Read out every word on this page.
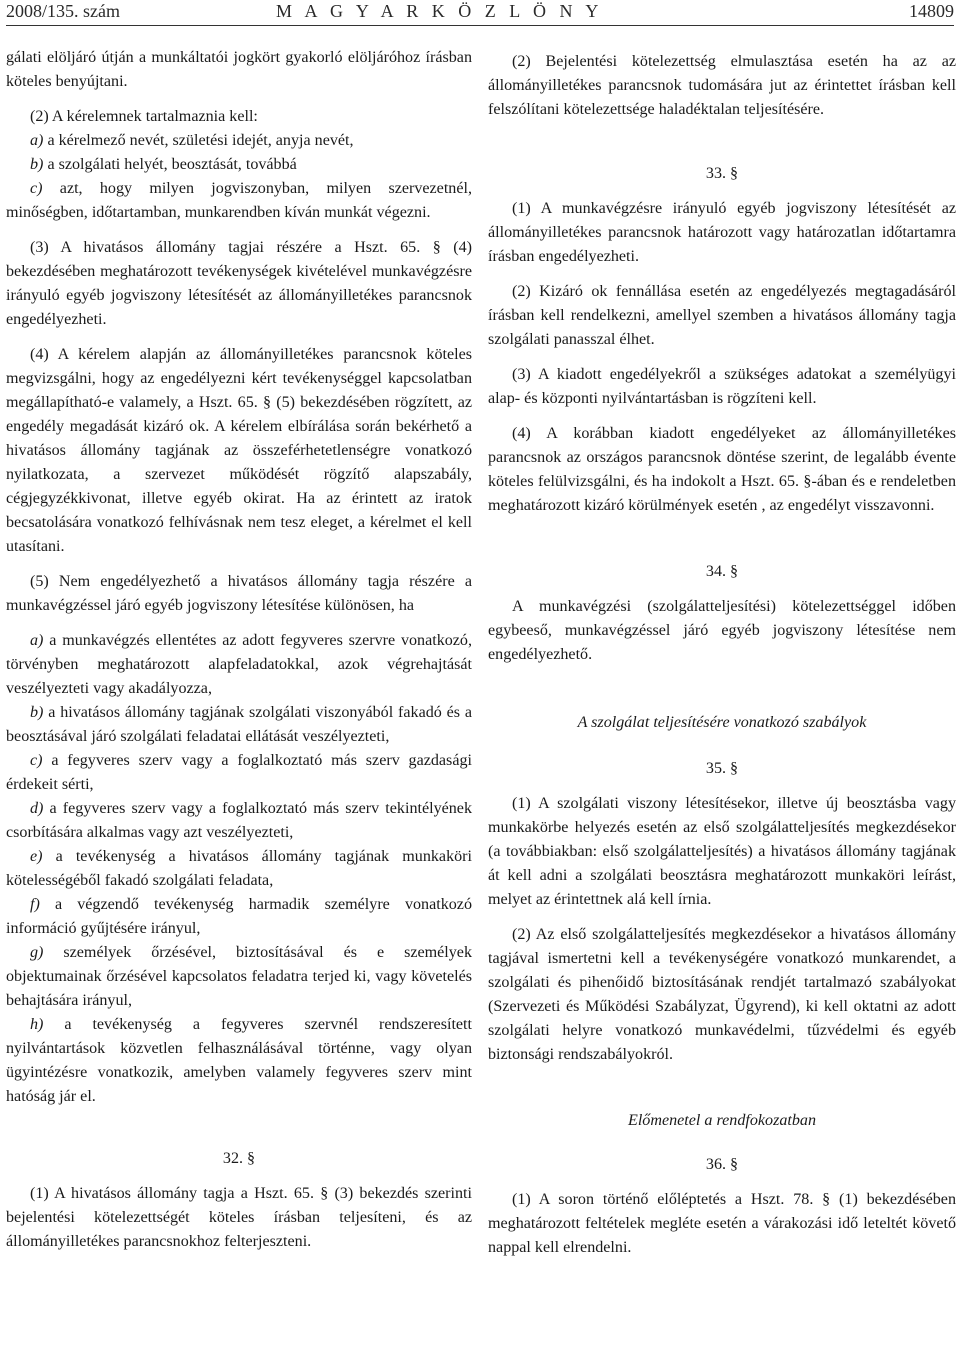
2008/135. szám	M A G Y A R K Ö Z L Ö N Y	14809

gálati elöljáró útján a munkáltatói jogkört gyakorló elöljáróhoz írásban köteles benyújtani.

(2) A kérelemnek tartalmaznia kell:

a) a kérelmező nevét, születési idejét, anyja nevét,

b) a szolgálati helyét, beosztását, továbbá

c) azt, hogy milyen jogviszonyban, milyen szervezetnél, minőségben, időtartamban, munkarendben kíván munkát végezni.

(3) A hivatásos állomány tagjai részére a Hszt. 65. § (4) bekezdésében meghatározott tevékenységek kivételével munkavégzésre irányuló egyéb jogviszony létesítését az állományilletékes parancsnok engedélyezheti.

(4) A kérelem alapján az állományilletékes parancsnok köteles megvizsgálni, hogy az engedélyezni kért tevékenységgel kapcsolatban megállapítható-e valamely, a Hszt. 65. § (5) bekezdésében rögzített, az engedély megadását kizáró ok. A kérelem elbírálása során bekérhető a hivatásos állomány tagjának az összeférhetetlenségre vonatkozó nyilatkozata, a szervezet működését rögzítő alapszabály, cégjegyzékkivonat, illetve egyéb okirat. Ha az érintett az iratok becsatolására vonatkozó felhívásnak nem tesz eleget, a kérelmet el kell utasítani.

(5) Nem engedélyezhető a hivatásos állomány tagja részére a munkavégzéssel járó egyéb jogviszony létesítése különösen, ha

a) a munkavégzés ellentétes az adott fegyveres szervre vonatkozó, törvényben meghatározott alapfeladatokkal, azok végrehajtását veszélyezteti vagy akadályozza,

b) a hivatásos állomány tagjának szolgálati viszonyából fakadó és a beosztásával járó szolgálati feladatai ellátását veszélyezteti,

c) a fegyveres szerv vagy a foglalkoztató más szerv gazdasági érdekeit sérti,

d) a fegyveres szerv vagy a foglalkoztató más szerv tekintélyének csorbítására alkalmas vagy azt veszélyezteti,

e) a tevékenység a hivatásos állomány tagjának munkaköri kötelességéből fakadó szolgálati feladata,

f) a végzendő tevékenység harmadik személyre vonatkozó információ gyűjtésére irányul,

g) személyek őrzésével, biztosításával és e személyek objektumainak őrzésével kapcsolatos feladatra terjed ki, vagy követelés behajtására irányul,

h) a tevékenység a fegyveres szervnél rendszeresített nyilvántartások közvetlen felhasználásával történne, vagy olyan ügyintézésre vonatkozik, amelyben valamely fegyveres szerv mint hatóság jár el.

32. §

(1) A hivatásos állomány tagja a Hszt. 65. § (3) bekezdés szerinti bejelentési kötelezettségét köteles írásban teljesíteni, és az állományilletékes parancsnokhoz felterjeszteni.

(2) Bejelentési kötelezettség elmulasztása esetén ha az az állományilletékes parancsnok tudomására jut az érintettet írásban kell felszólítani kötelezettsége haladéktalan teljesítésére.

33. §

(1) A munkavégzésre irányuló egyéb jogviszony létesítését az állományilletékes parancsnok határozott vagy határozatlan időtartamra írásban engedélyezheti.

(2) Kizáró ok fennállása esetén az engedélyezés megtagadásáról írásban kell rendelkezni, amellyel szemben a hivatásos állomány tagja szolgálati panasszal élhet.

(3) A kiadott engedélyekről a szükséges adatokat a személyügyi alap- és központi nyilvántartásban is rögzíteni kell.

(4) A korábban kiadott engedélyeket az állományilletékes parancsnok az országos parancsnok döntése szerint, de legalább évente köteles felülvizsgálni, és ha indokolt a Hszt. 65. §-ában és e rendeletben meghatározott kizáró körülmények esetén , az engedélyt visszavonni.

34. §

A munkavégzési (szolgálatteljesítési) kötelezettséggel időben egybeeső, munkavégzéssel járó egyéb jogviszony létesítése nem engedélyezhető.

A szolgálat teljesítésére vonatkozó szabályok

35. §

(1) A szolgálati viszony létesítésekor, illetve új beosztásba vagy munkakörbe helyezés esetén az első szolgálatteljesítés megkezdésekor (a továbbiakban: első szolgálatteljesítés) a hivatásos állomány tagjának át kell adni a szolgálati beosztásra meghatározott munkaköri leírást, melyet az érintettnek alá kell írnia.

(2) Az első szolgálatteljesítés megkezdésekor a hivatásos állomány tagjával ismertetni kell a tevékenységére vonatkozó munkarendet, a szolgálati és pihenőidő biztosításának rendjét tartalmazó szabályokat (Szervezeti és Működési Szabályzat, Ügyrend), ki kell oktatni az adott szolgálati helyre vonatkozó munkavédelmi, tűzvédelmi és egyéb biztonsági rendszabályokról.

Előmenetel a rendfokozatban

36. §

(1) A soron történő előléptetés a Hszt. 78. § (1) bekezdésében meghatározott feltételek megléte esetén a várakozási idő leteltét követő nappal kell elrendelni.
